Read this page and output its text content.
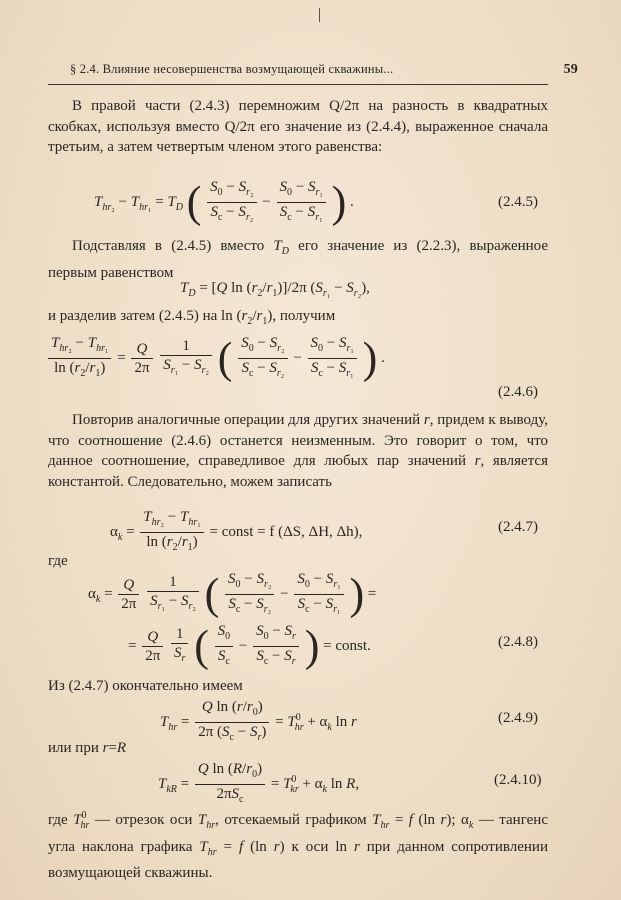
§ 2.4. Влияние несовершенства возмущающей скважины...	59
В правой части (2.4.3) перемножим Q/2π на разность в квадратных скобках, используя вместо Q/2π его значение из (2.4.4), выраженное сначала третьим, а затем четвертым членом этого равенства:
$T_{hr_2} - T_{hr_1} = T_D$ ( $\frac{S_0 - S_{r_2}}{S_c - S_{r_2}} - \frac{S_0 - S_{r_1}}{S_c - S_{r_1}}$ ) .	(2.4.5)
Подставляя в (2.4.5) вместо $T_D$ его значение из (2.2.3), выраженное первым равенством
$T_D = [Q$ $\ln (r_2/r_1)]/2\pi$ $(S_{r_1} - S_{r_2})$,
и разделив затем (2.4.5) на $\ln (r_2/r_1)$, получим
$\frac{T_{hr_2} - T_{hr_1}}{\ln (r_2/r_1)} = \frac{Q}{2\pi}$
$\frac{1}{S_{r_1} - S_{r_2}}$ ( $\frac{S_0 - S_{r_2}}{S_c - S_{r_2}} - \frac{S_0 - S_{r_1}}{S_c - S_{r_1}}$ ) .
(2.4.6)
Повторив аналогичные операции для других значений r, придем к выводу, что соотношение (2.4.6) останется неизменным. Это говорит о том, что данное соотношение, справедливое для любых пар значений r, является константой. Следовательно, можем записать
$\alpha_k = \frac{T_{hr_2} - T_{hr_1}}{\ln (r_2/r_1)}$ = const = f (ΔS, ΔH, Δh),	(2.4.7)
где
$\alpha_k = \frac{Q}{2\pi}$
$\frac{1}{S_{r_1} - S_{r_2}}$ ( $\frac{S_0 - S_{r_2}}{S_c - S_{r_2}} - \frac{S_0 - S_{r_1}}{S_c - S_{r_1}}$ ) =
= $\frac{Q}{2\pi}$
$\frac{1}{S_r}$ ( $\frac{S_0}{S_c} - \frac{S_0 - S_r}{S_c - S_r}$ ) = const.	(2.4.8)
Из (2.4.7) окончательно имеем
$T_{hr} = \frac{Q \ln (r/r_0)}{2\pi (S_c - S_r)} = T^0_{hr} + \alpha_k$ ln r	(2.4.9)
или при r=R
$T_{kR} = \frac{Q \ln (R/r_0)}{2\pi S_c} = T^0_{kr} + \alpha_k$ ln R,	(2.4.10)
где $T^0_{hr}$ — отрезок оси $T_{hr}$, отсекаемый графиком $T_{hr} = f$ (ln r); $\alpha_k$ — тангенс угла наклона графика $T_{hr} = f$ (ln r) к оси ln r при данном сопротивлении возмущающей скважины.
